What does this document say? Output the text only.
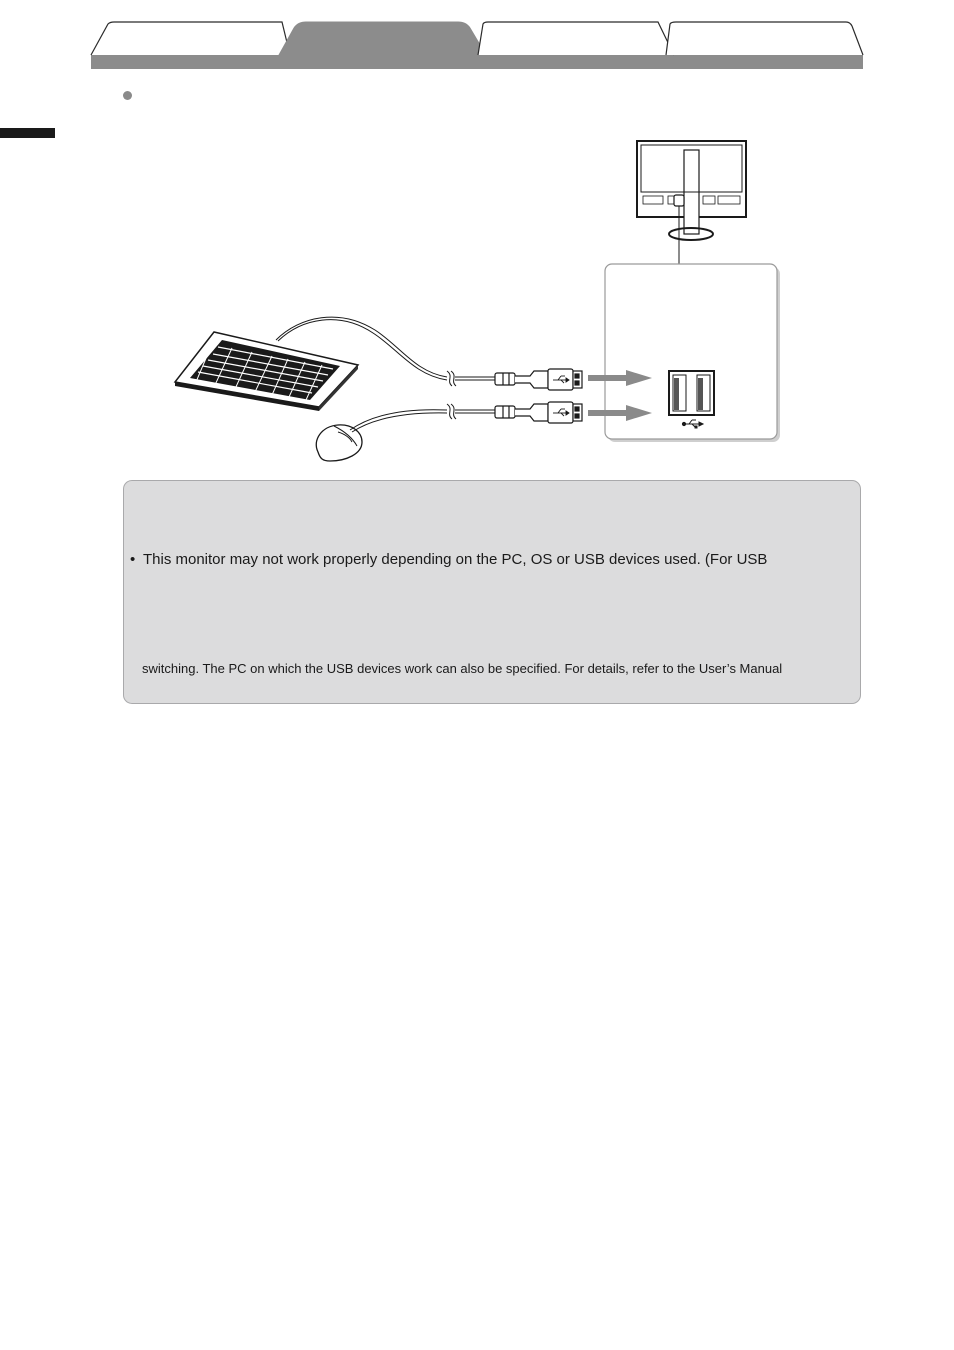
• This monitor may not work properly depending on the PC, OS or USB devices used. (For USB
switching. The PC on which the USB devices work can also be specified. For details, refer to the User’s Manual
